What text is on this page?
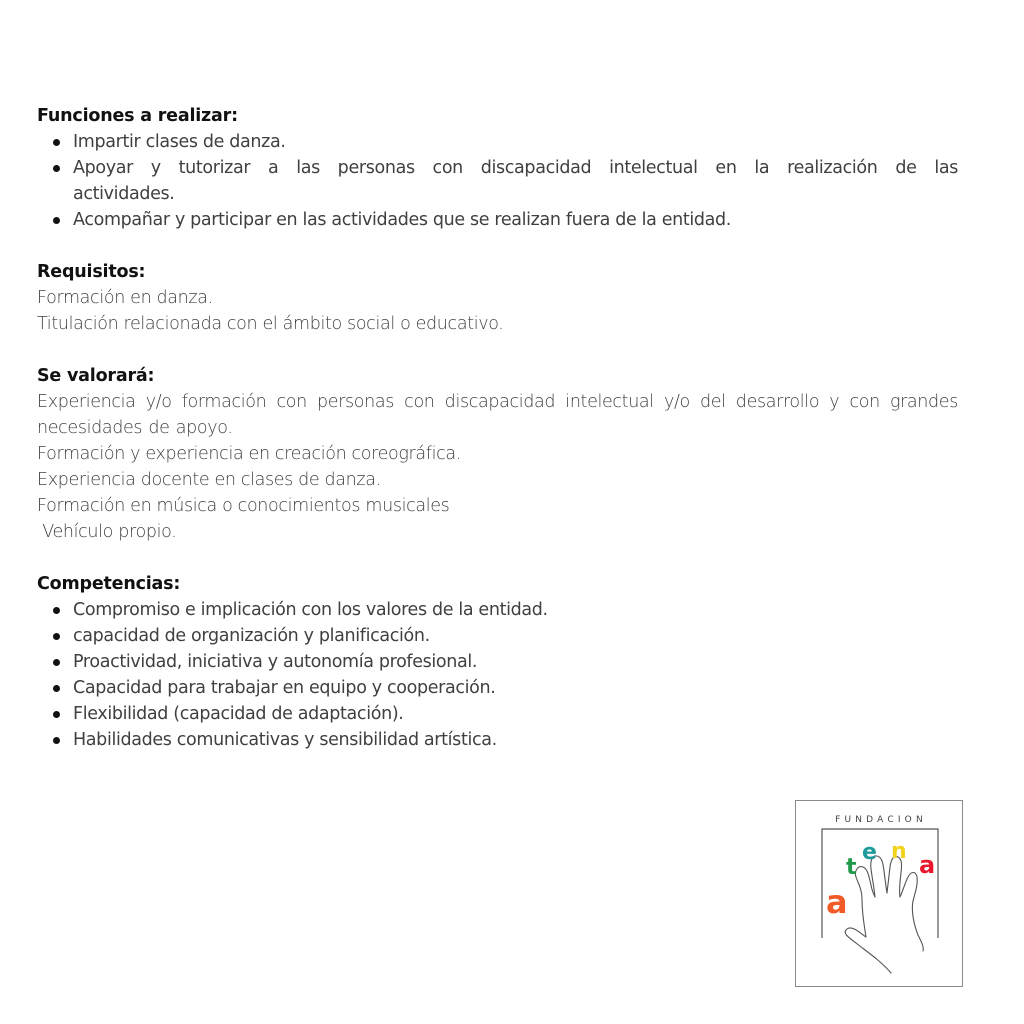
Funciones a realizar:
Impartir clases de danza.
Apoyar y tutorizar a las personas con discapacidad intelectual en la realización de las actividades.
Acompañar y participar en las actividades que se realizan fuera de la entidad.
Requisitos:

Formación en danza.

Titulación relacionada con el ámbito social o educativo.

Se valorará:

Experiencia y/o formación con personas con discapacidad intelectual y/o del desarrollo y con grandes necesidades de apoyo.

Formación y experiencia en creación coreográfica.

Experiencia docente en clases de danza.

Formación en música o conocimientos musicales

Vehículo propio.

Competencias:
Compromiso e implicación con los valores de la entidad.
capacidad de organización y planificación.
Proactividad, iniciativa y autonomía profesional.
Capacidad para trabajar en equipo y cooperación.
Flexibilidad (capacidad de adaptación).
Habilidades comunicativas y sensibilidad artística.
FUNDACION
a
t
e n a
